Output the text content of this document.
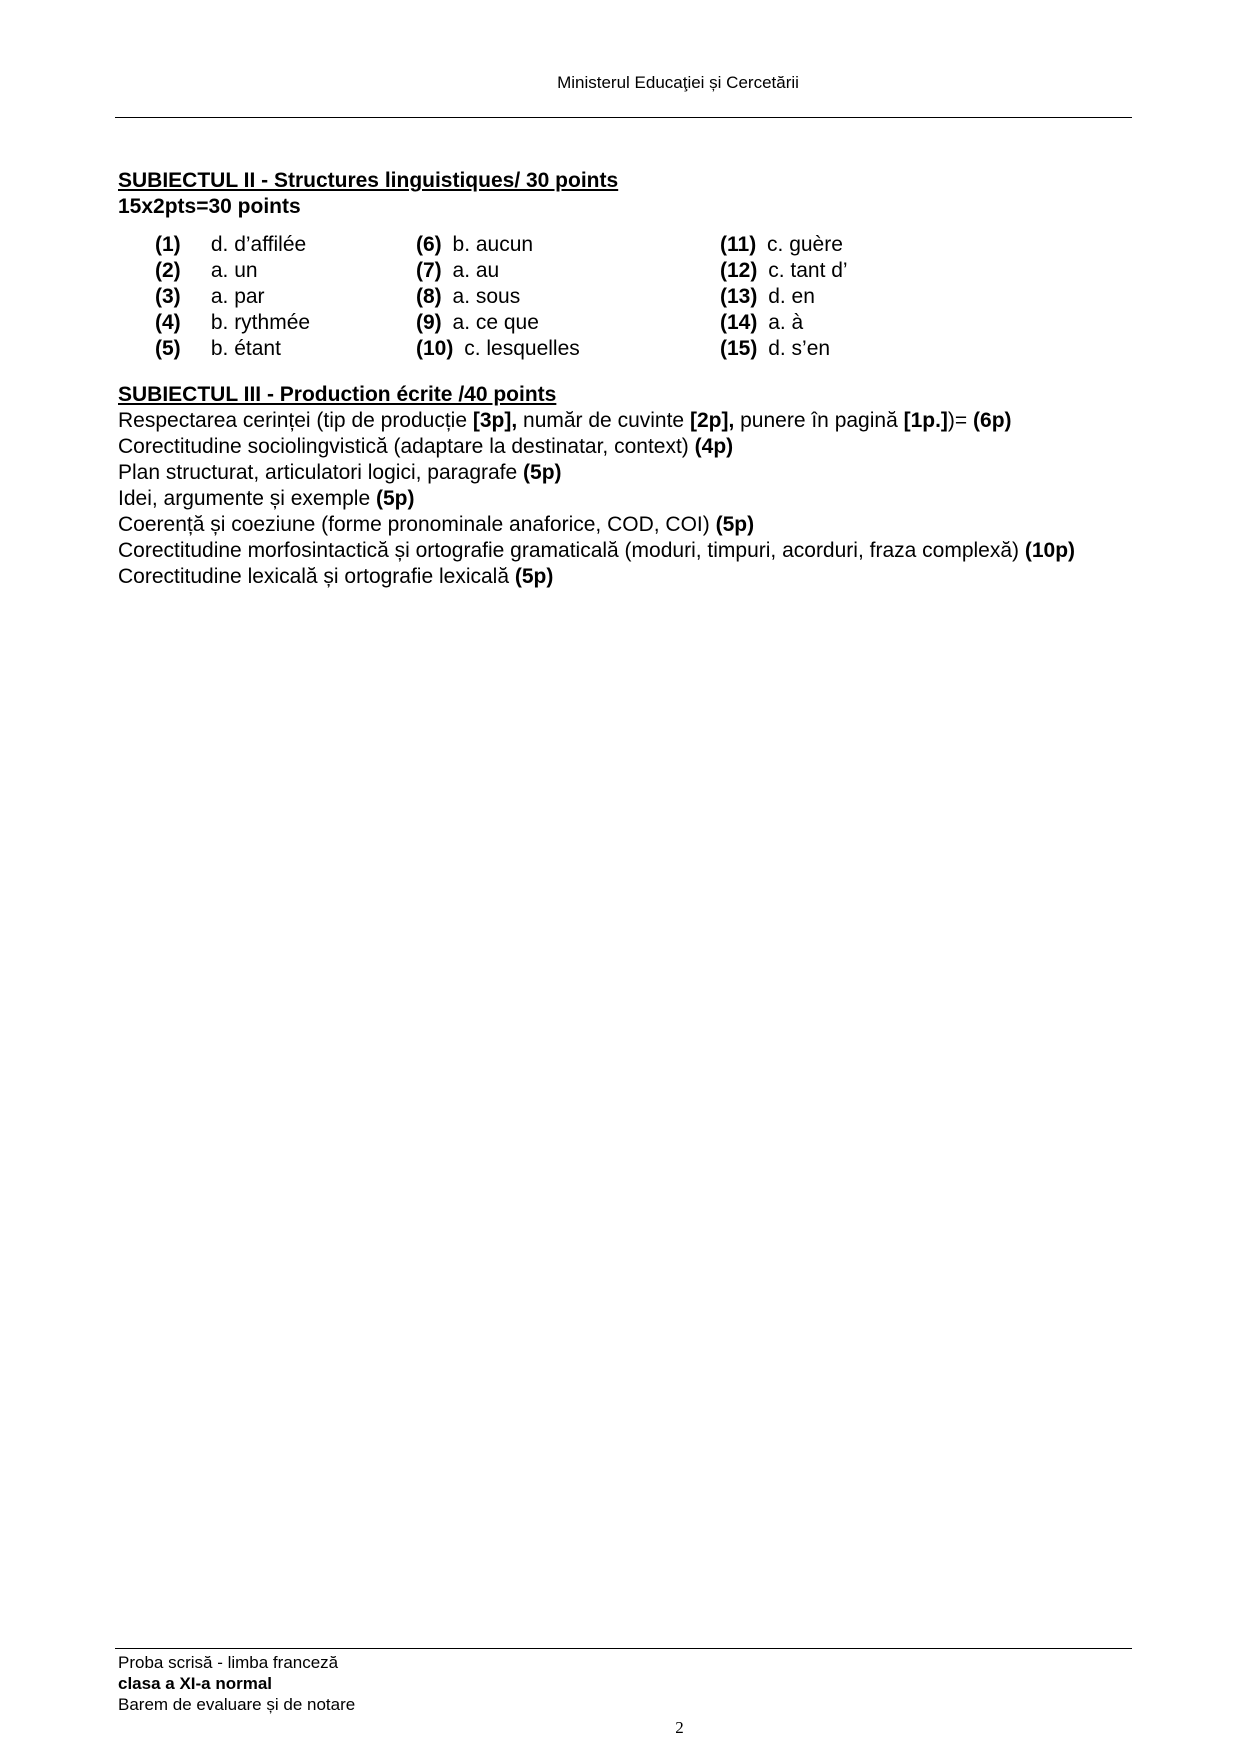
Ministerul Educaţiei și Cercetării
SUBIECTUL II - Structures linguistiques/ 30 points
15x2pts=30 points
(1) d. d’affilée
(2) a. un
(3) a. par
(4) b. rythmée
(5) b. étant
(6) b. aucun
(7) a. au
(8) a. sous
(9) a. ce que
(10) c. lesquelles
(11) c. guère
(12) c. tant d’
(13) d. en
(14) a. à
(15) d. s’en
SUBIECTUL III - Production écrite /40 points
Respectarea cerinței (tip de producție [3p], număr de cuvinte [2p], punere în pagină [1p.])= (6p)
Corectitudine sociolingvistică (adaptare la destinatar, context) (4p)
Plan structurat, articulatori logici, paragrafe (5p)
Idei, argumente și exemple (5p)
Coerență și coeziune (forme pronominale anaforice, COD, COI) (5p)
Corectitudine morfosintactică și ortografie gramaticală (moduri, timpuri, acorduri, fraza complexă) (10p)
Corectitudine lexicală și ortografie lexicală (5p)
Proba scrisă - limba franceză
clasa a XI-a normal
Barem de evaluare și de notare
2
